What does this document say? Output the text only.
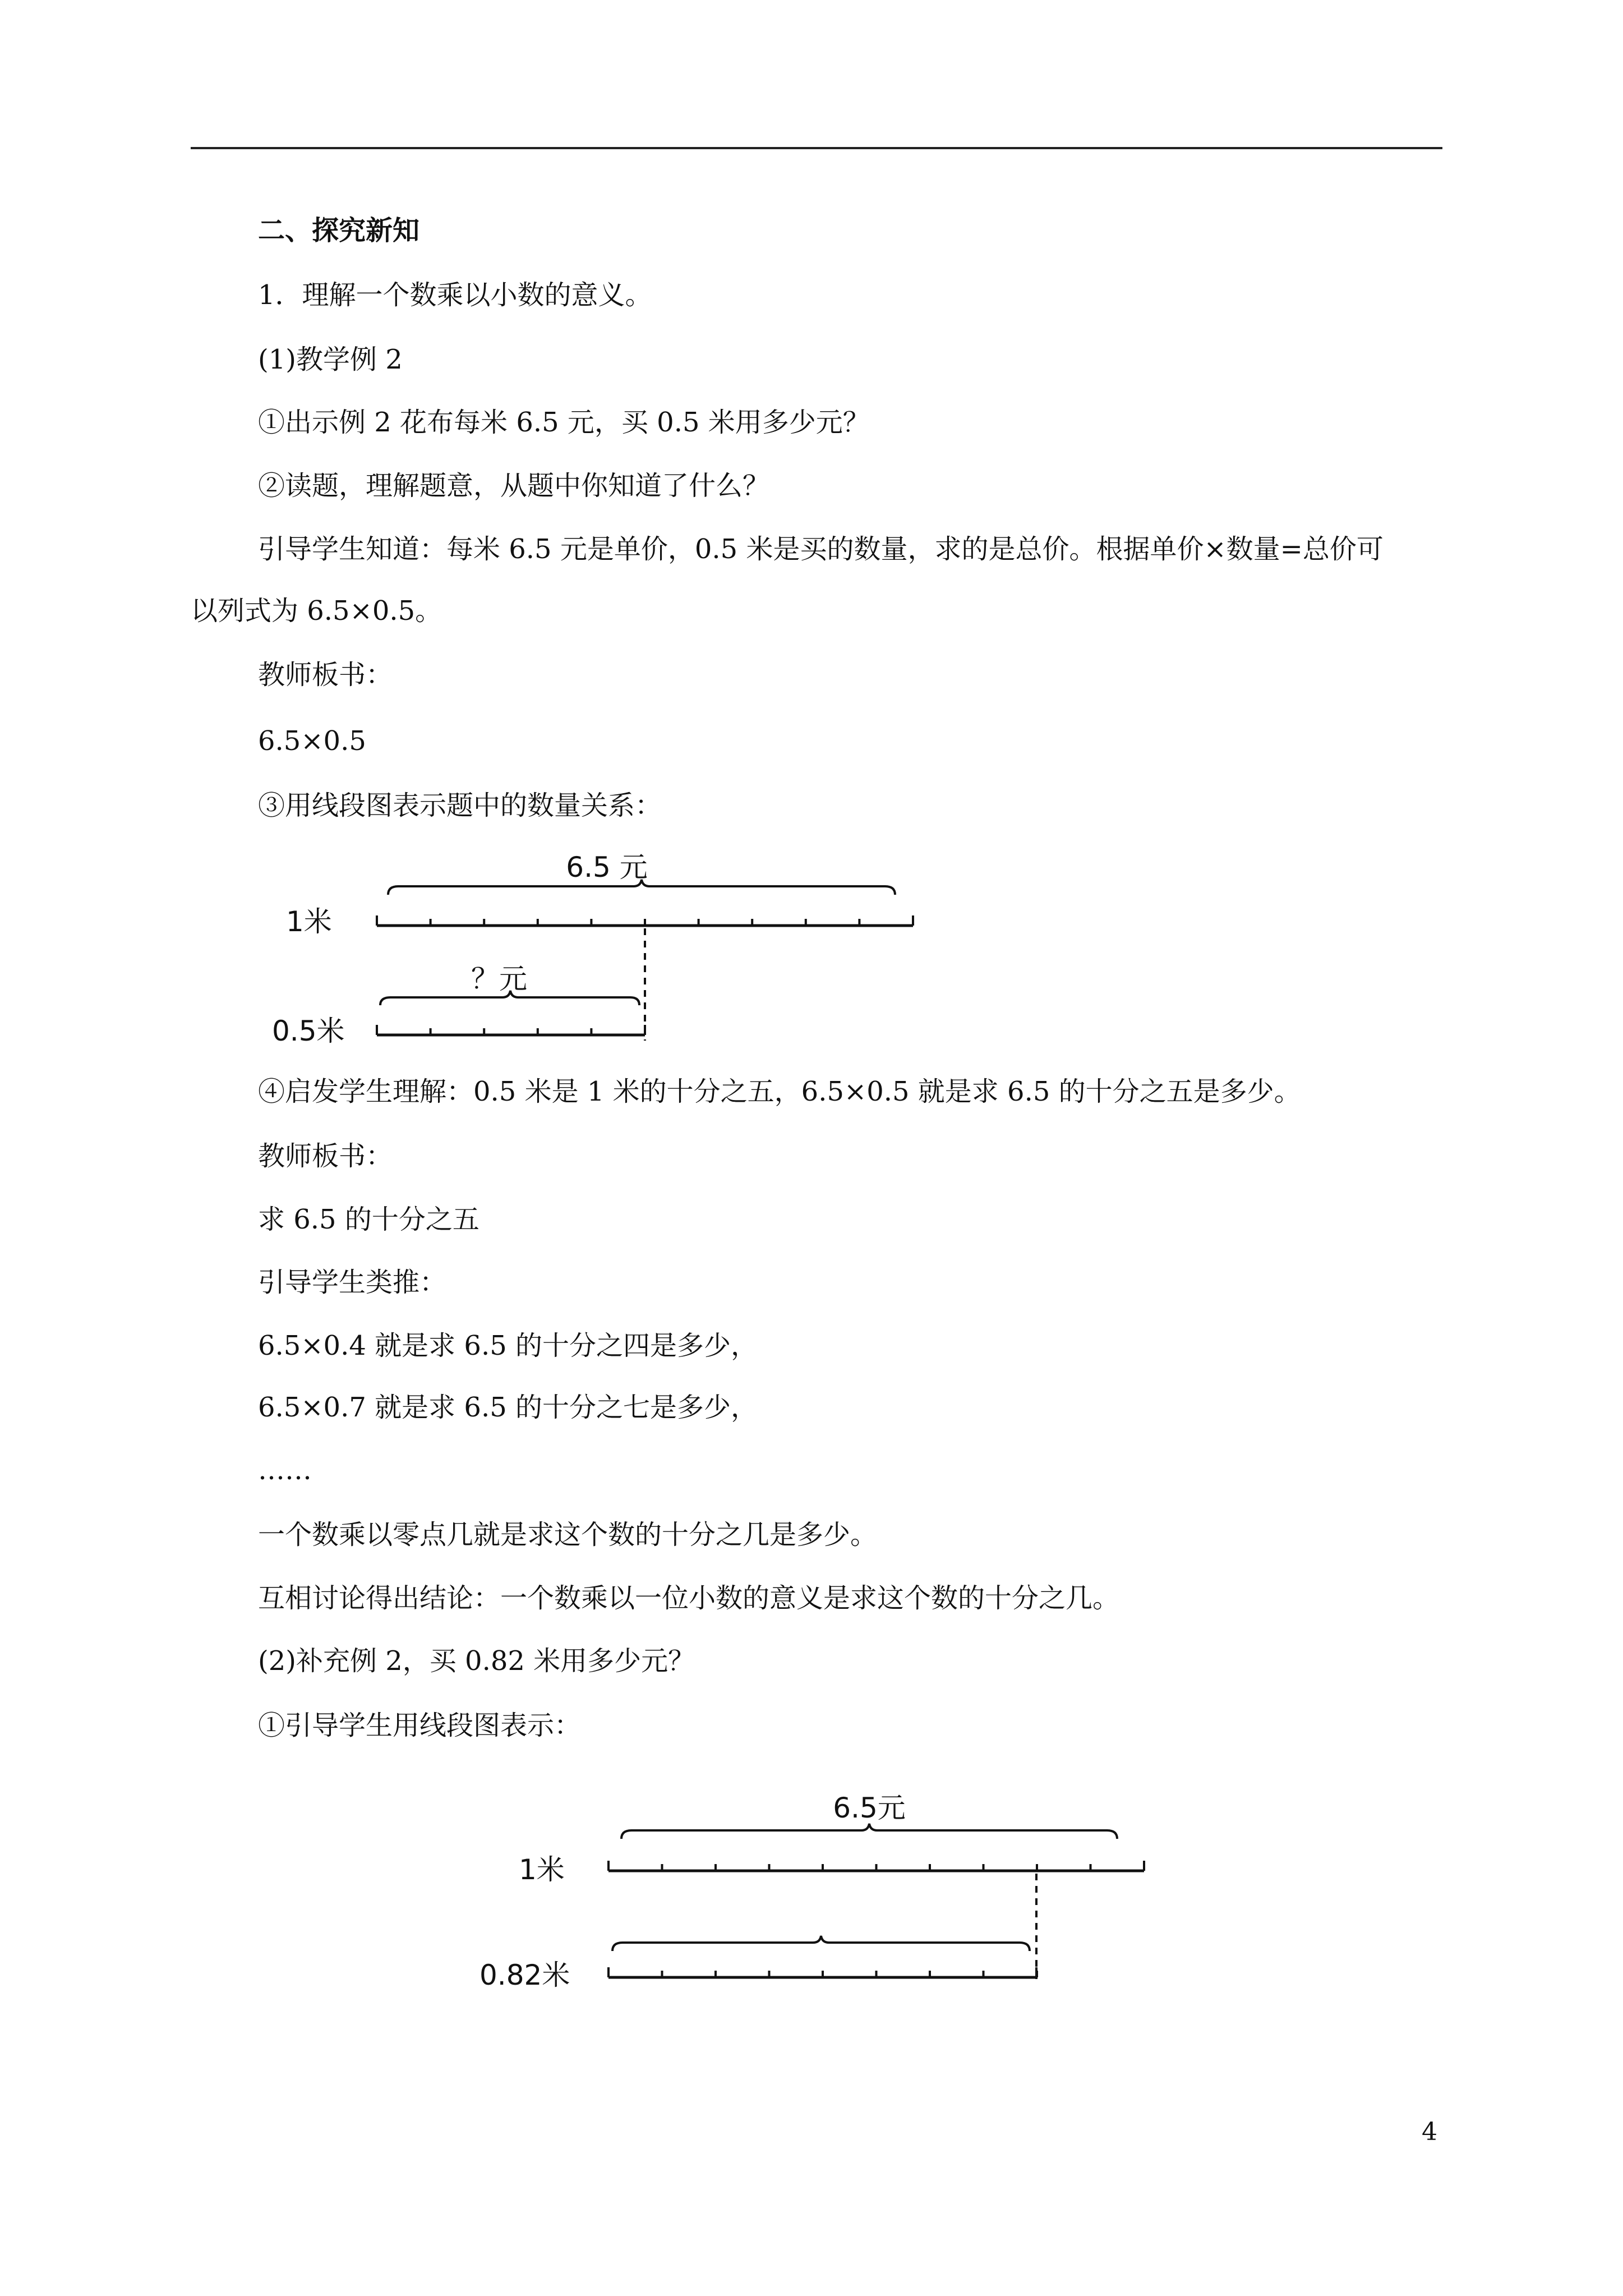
二、探究新知
1．理解一个数乘以小数的意义。
(1)教学例 2
①出示例 2 花布每米 6.5 元，买 0.5 米用多少元？
②读题，理解题意，从题中你知道了什么？
引导学生知道：每米 6.5 元是单价，0.5 米是买的数量，求的是总价。根据单价×数量=总价可
以列式为 6.5×0.5。
教师板书：
6.5×0.5
③用线段图表示题中的数量关系：
6.5 元
1米
？元
0.5米
④启发学生理解：0.5 米是 1 米的十分之五，6.5×0.5 就是求 6.5 的十分之五是多少。
教师板书：
求 6.5 的十分之五
引导学生类推：
6.5×0.4 就是求 6.5 的十分之四是多少，
6.5×0.7 就是求 6.5 的十分之七是多少，
……
一个数乘以零点几就是求这个数的十分之几是多少。
互相讨论得出结论：一个数乘以一位小数的意义是求这个数的十分之几。
(2)补充例 2，买 0.82 米用多少元？
①引导学生用线段图表示：
6.5元
1米
0.82米
4
